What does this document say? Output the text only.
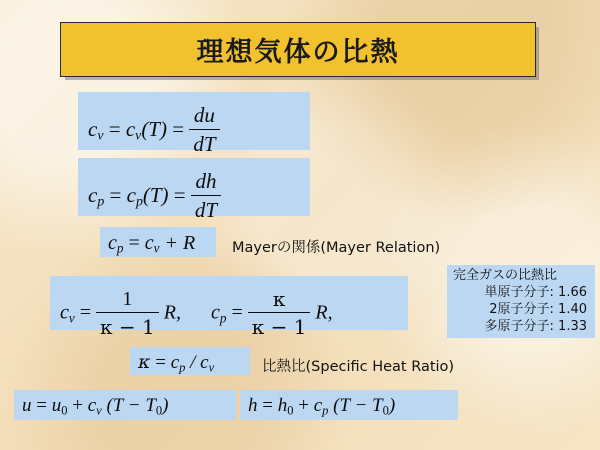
理想気体の比熱
$c_v = c_v(T) = \frac{du}{dT}$
$c_p = c_p(T) = \frac{dh}{dT}$
$c_p = c_v + R$	Mayerの関係(Mayer Relation)
完全ガスの比熱比
単原子分子: 1.66
2原子分子: 1.40
多原子分子: 1.33
$c_v = \frac{1}{\kappa - 1} R$, $c_p = \frac{\kappa}{\kappa - 1} R$,
$\kappa = c_p / c_v$	比熱比(Specific Heat Ratio)
$u = u0 + c_v$ (T − T0)	$h = h0 + c_p$ (T − T0)
